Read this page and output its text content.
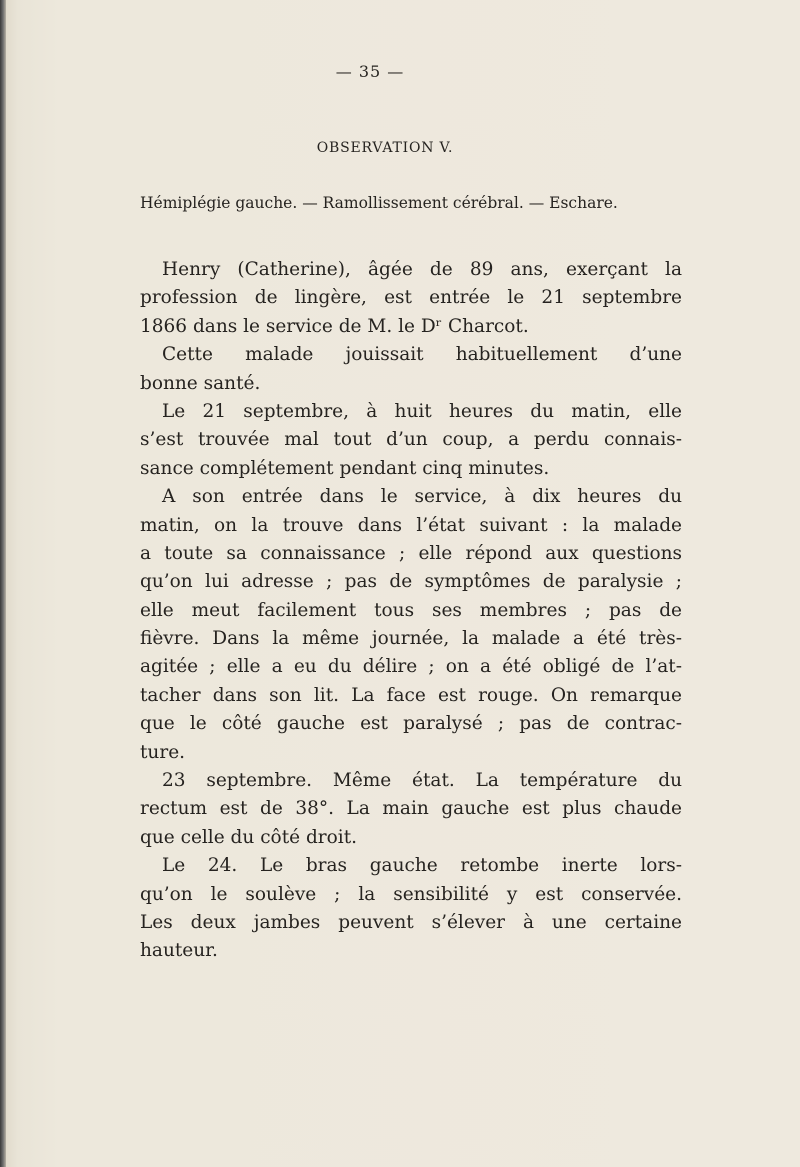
— 35 —
OBSERVATION V.
Hémiplégie gauche. — Ramollissement cérébral. — Eschare.
Henry (Catherine), âgée de 89 ans, exerçant la
profession de lingère, est entrée le 21 septembre
1866 dans le service de M. le Dʳ Charcot.
Cette malade jouissait habituellement d’une
bonne santé.
Le 21 septembre, à huit heures du matin, elle
s’est trouvée mal tout d’un coup, a perdu connais-
sance complétement pendant cinq minutes.
A son entrée dans le service, à dix heures du
matin, on la trouve dans l’état suivant : la malade
a toute sa connaissance ; elle répond aux questions
qu’on lui adresse ; pas de symptômes de paralysie ;
elle meut facilement tous ses membres ; pas de
fièvre. Dans la même journée, la malade a été très-
agitée ; elle a eu du délire ; on a été obligé de l’at-
tacher dans son lit. La face est rouge. On remarque
que le côté gauche est paralysé ; pas de contrac-
ture.
23 septembre. Même état. La température du
rectum est de 38°. La main gauche est plus chaude
que celle du côté droit.
Le 24. Le bras gauche retombe inerte lors-
qu’on le soulève ; la sensibilité y est conservée.
Les deux jambes peuvent s’élever à une certaine
hauteur.
